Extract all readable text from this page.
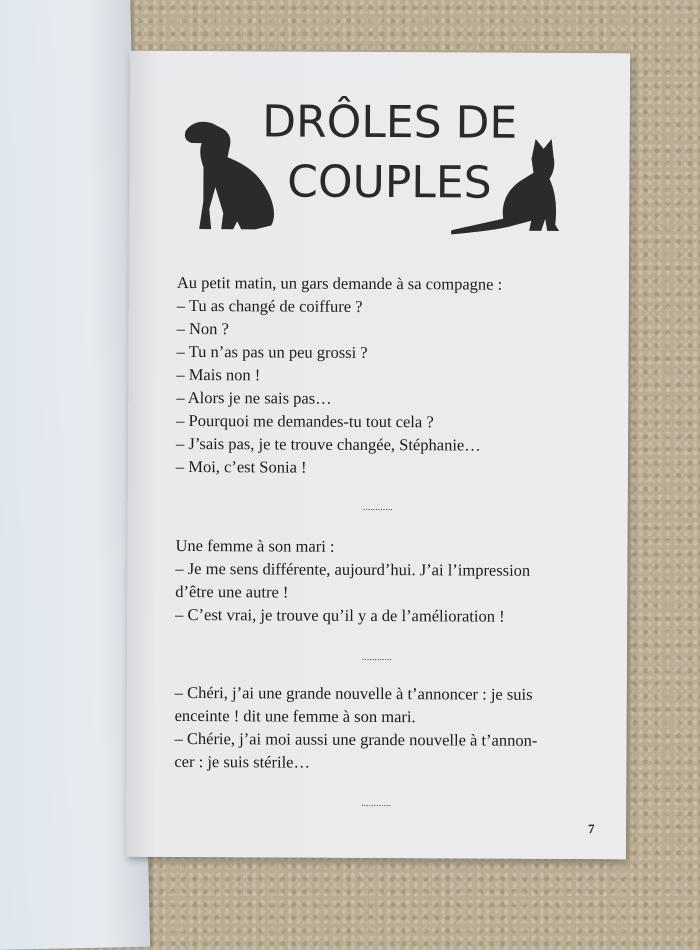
DRÔLES DE
COUPLES
Au petit matin, un gars demande à sa compagne :
– Tu as changé de coiffure ?
– Non ?
– Tu n’as pas un peu grossi ?
– Mais non !
– Alors je ne sais pas…
– Pourquoi me demandes-tu tout cela ?
– J’sais pas, je te trouve changée, Stéphanie…
– Moi, c’est Sonia !
............
Une femme à son mari :
– Je me sens différente, aujourd’hui. J’ai l’impression
d’être une autre !
– C’est vrai, je trouve qu’il y a de l’amélioration !
............
– Chéri, j’ai une grande nouvelle à t’annoncer : je suis
enceinte ! dit une femme à son mari.
– Chérie, j’ai moi aussi une grande nouvelle à t’annon-
cer : je suis stérile…
............
7
